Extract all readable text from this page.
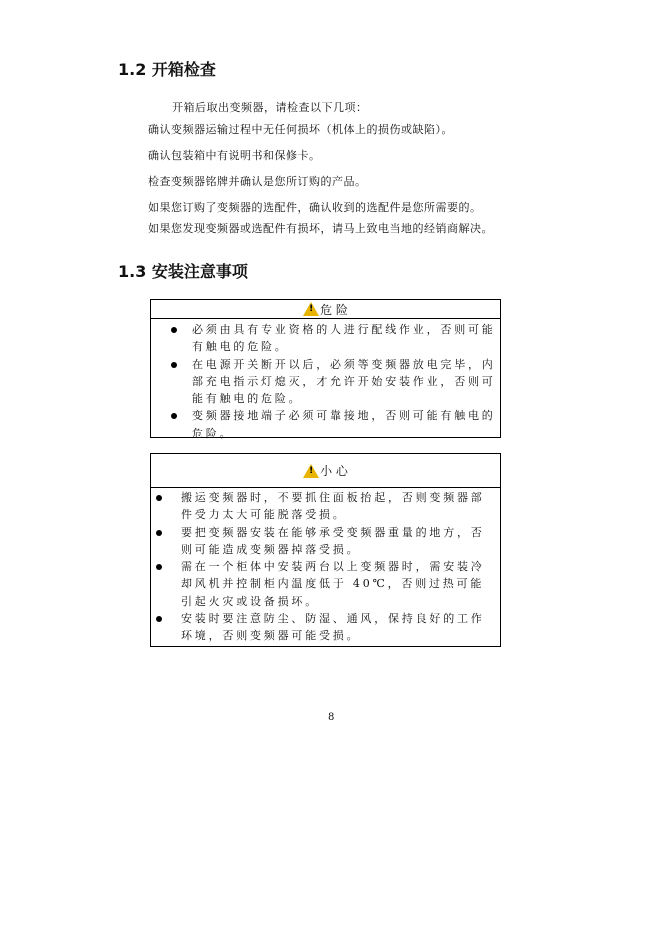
1.2 开箱检查
开箱后取出变频器，请检查以下几项：
确认变频器运输过程中无任何损坏（机体上的损伤或缺陷）。
确认包装箱中有说明书和保修卡。
检查变频器铭牌并确认是您所订购的产品。
如果您订购了变频器的选配件，确认收到的选配件是您所需要的。
如果您发现变频器或选配件有损坏，请马上致电当地的经销商解决。
1.3 安装注意事项
!
危 险
必须由具有专业资格的人进行配线作业，否则可能有触电的危险。
在电源开关断开以后，必须等变频器放电完毕，内部充电指示灯熄灭，才允许开始安装作业，否则可能有触电的危险。
变频器接地端子必须可靠接地，否则可能有触电的危险。
!
小 心
搬运变频器时，不要抓住面板抬起，否则变频器部件受力太大可能脱落受损。
要把变频器安装在能够承受变频器重量的地方，否则可能造成变频器掉落受损。
需在一个柜体中安装两台以上变频器时，需安装冷却风机并控制柜内温度低于 40℃，否则过热可能引起火灾或设备损坏。
安装时要注意防尘、防湿、通风，保持良好的工作环境，否则变频器可能受损。
8
